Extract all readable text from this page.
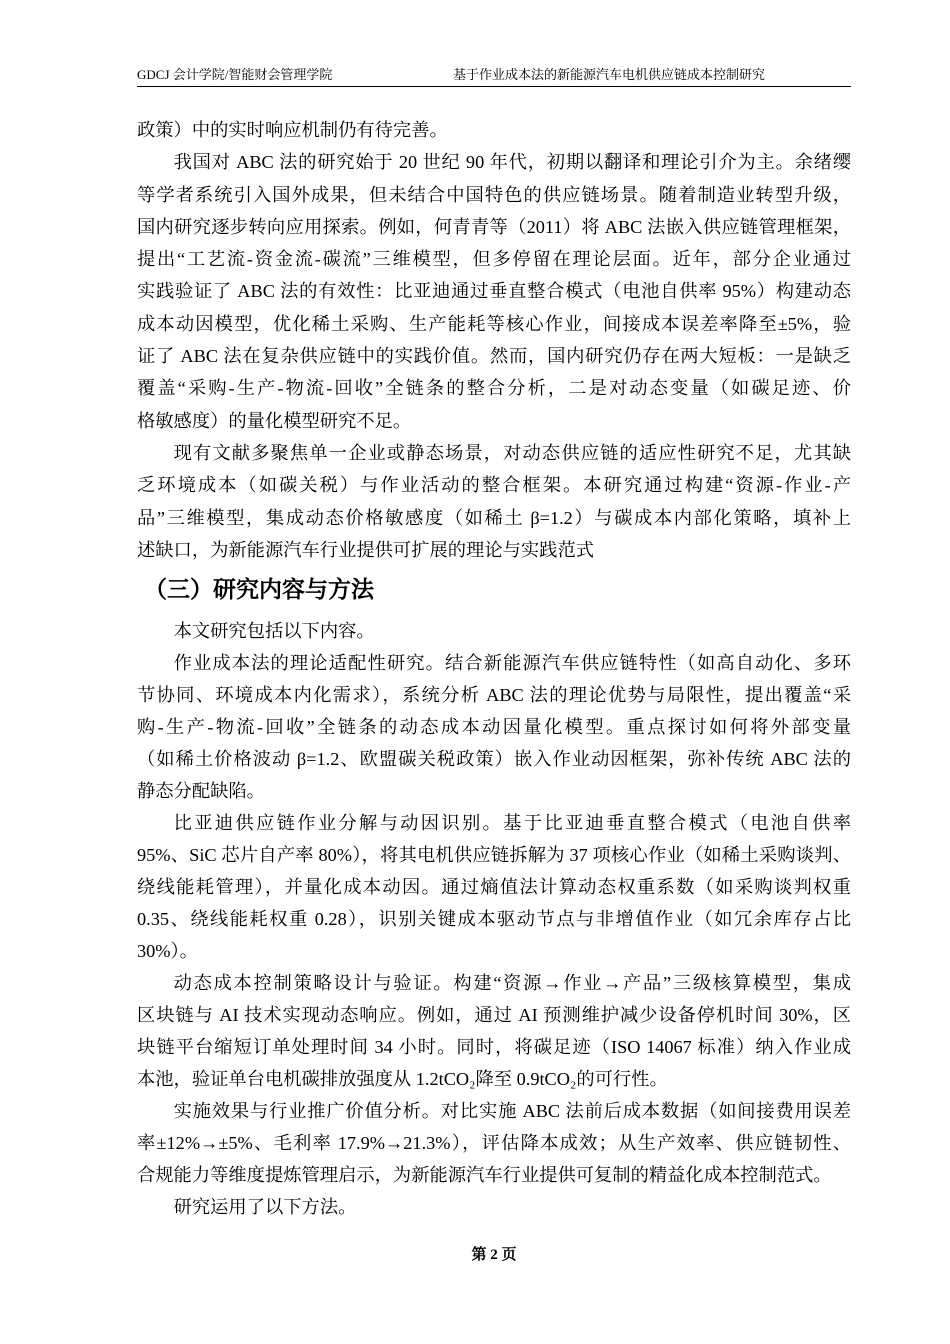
GDCJ 会计学院/智能财会管理学院	基于作业成本法的新能源汽车电机供应链成本控制研究
政策）中的实时响应机制仍有待完善。
我国对 ABC 法的研究始于 20 世纪 90 年代，初期以翻译和理论引介为主。余绪缨
等学者系统引入国外成果，但未结合中国特色的供应链场景。随着制造业转型升级，
国内研究逐步转向应用探索。例如，何青青等（2011）将 ABC 法嵌入供应链管理框架，
提出“工艺流-资金流-碳流”三维模型，但多停留在理论层面。近年，部分企业通过
实践验证了 ABC 法的有效性：比亚迪通过垂直整合模式（电池自供率 95%）构建动态
成本动因模型，优化稀土采购、生产能耗等核心作业，间接成本误差率降至±5%，验
证了 ABC 法在复杂供应链中的实践价值。然而，国内研究仍存在两大短板：一是缺乏
覆盖“采购-生产-物流-回收”全链条的整合分析，二是对动态变量（如碳足迹、价
格敏感度）的量化模型研究不足。
现有文献多聚焦单一企业或静态场景，对动态供应链的适应性研究不足，尤其缺
乏环境成本（如碳关税）与作业活动的整合框架。本研究通过构建“资源-作业-产
品”三维模型，集成动态价格敏感度（如稀土 β=1.2）与碳成本内部化策略，填补上
述缺口，为新能源汽车行业提供可扩展的理论与实践范式
（三）研究内容与方法
本文研究包括以下内容。
作业成本法的理论适配性研究。结合新能源汽车供应链特性（如高自动化、多环
节协同、环境成本内化需求），系统分析 ABC 法的理论优势与局限性，提出覆盖“采
购-生产-物流-回收”全链条的动态成本动因量化模型。重点探讨如何将外部变量
（如稀土价格波动 β=1.2、欧盟碳关税政策）嵌入作业动因框架，弥补传统 ABC 法的
静态分配缺陷。
比亚迪供应链作业分解与动因识别。基于比亚迪垂直整合模式（电池自供率
95%、SiC 芯片自产率 80%），将其电机供应链拆解为 37 项核心作业（如稀土采购谈判、
绕线能耗管理），并量化成本动因。通过熵值法计算动态权重系数（如采购谈判权重
0.35、绕线能耗权重 0.28），识别关键成本驱动节点与非增值作业（如冗余库存占比
30%）。
动态成本控制策略设计与验证。构建“资源→作业→产品”三级核算模型，集成
区块链与 AI 技术实现动态响应。例如，通过 AI 预测维护减少设备停机时间 30%，区
块链平台缩短订单处理时间 34 小时。同时，将碳足迹（ISO 14067 标准）纳入作业成
本池，验证单台电机碳排放强度从 1.2tCO₂降至 0.9tCO₂的可行性。
实施效果与行业推广价值分析。对比实施 ABC 法前后成本数据（如间接费用误差
率±12%→±5%、毛利率 17.9%→21.3%），评估降本成效；从生产效率、供应链韧性、
合规能力等维度提炼管理启示，为新能源汽车行业提供可复制的精益化成本控制范式。
研究运用了以下方法。
第 2 页
